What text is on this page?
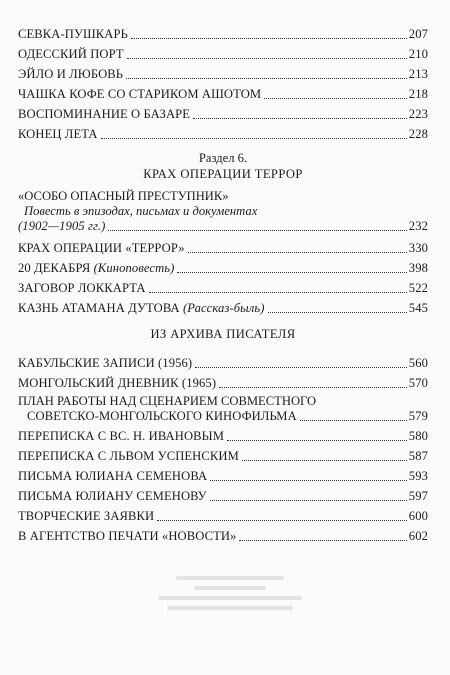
СЕВКА-ПУШКАРЬ	207
ОДЕССКИЙ ПОРТ	210
ЭЙЛО И ЛЮБОВЬ	213
ЧАШКА КОФЕ СО СТАРИКОМ АШОТОМ	218
ВОСПОМИНАНИЕ О БАЗАРЕ	223
КОНЕЦ ЛЕТА	228
Раздел 6.
КРАХ ОПЕРАЦИИ ТЕРРОР
«ОСОБО ОПАСНЫЙ ПРЕСТУПНИК»
Повесть в эпизодах, письмах и документах
(1902—1905 гг.)	232
КРАХ ОПЕРАЦИИ «ТЕРРОР»	330
20 ДЕКАБРЯ (Киноповесть)	398
ЗАГОВОР ЛОККАРТА	522
КАЗНЬ АТАМАНА ДУТОВА (Рассказ-быль)	545
ИЗ АРХИВА ПИСАТЕЛЯ
КАБУЛЬСКИЕ ЗАПИСИ (1956)	560
МОНГОЛЬСКИЙ ДНЕВНИК (1965)	570
ПЛАН РАБОТЫ НАД СЦЕНАРИЕМ СОВМЕСТНОГО
СОВЕТСКО-МОНГОЛЬСКОГО КИНОФИЛЬМА	579
ПЕРЕПИСКА С ВС. Н. ИВАНОВЫМ	580
ПЕРЕПИСКА С ЛЬВОМ УСПЕНСКИМ	587
ПИСЬМА ЮЛИАНА СЕМЕНОВА	593
ПИСЬМА ЮЛИАНУ СЕМЕНОВУ	597
ТВОРЧЕСКИЕ ЗАЯВКИ	600
В АГЕНТСТВО ПЕЧАТИ «НОВОСТИ»	602
